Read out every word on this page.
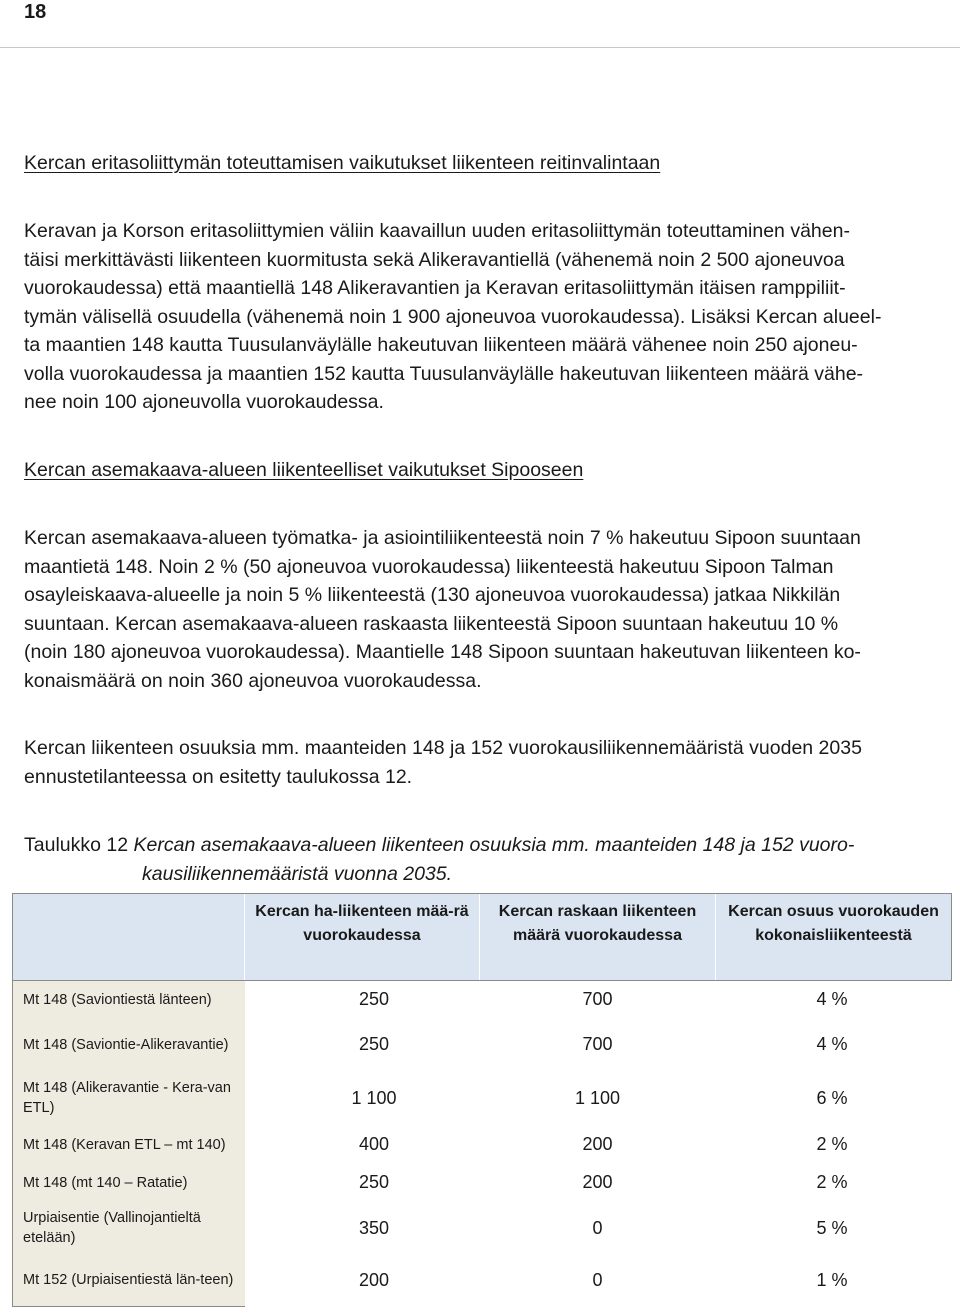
18
Kercan eritasoliittymän toteuttamisen vaikutukset liikenteen reitinvalintaan
Keravan ja Korson eritasoliittymien väliin kaavaillun uuden eritasoliittymän toteuttaminen vähen-
täisi merkittävästi liikenteen kuormitusta sekä Alikeravantiellä (vähenemä noin 2 500 ajoneuvoa
vuorokaudessa) että maantiellä 148 Alikeravantien ja Keravan eritasoliittymän itäisen ramppiliit-
tymän välisellä osuudella (vähenemä noin 1 900 ajoneuvoa vuorokaudessa). Lisäksi Kercan alueel-
ta maantien 148 kautta Tuusulanväylälle hakeutuvan liikenteen määrä vähenee noin 250 ajoneu-
volla vuorokaudessa ja maantien 152 kautta Tuusulanväylälle hakeutuvan liikenteen määrä vähe-
nee noin 100 ajoneuvolla vuorokaudessa.
Kercan asemakaava-alueen liikenteelliset vaikutukset Sipooseen
Kercan asemakaava-alueen työmatka- ja asiointiliikenteestä noin 7 % hakeutuu Sipoon suuntaan
maantietä 148. Noin 2 % (50 ajoneuvoa vuorokaudessa) liikenteestä hakeutuu Sipoon Talman
osayleiskaava-alueelle ja noin 5 % liikenteestä (130 ajoneuvoa vuorokaudessa) jatkaa Nikkilän
suuntaan. Kercan asemakaava-alueen raskaasta liikenteestä Sipoon suuntaan hakeutuu 10 %
(noin 180 ajoneuvoa vuorokaudessa). Maantielle 148 Sipoon suuntaan hakeutuvan liikenteen ko-
konaismäärä on noin 360 ajoneuvoa vuorokaudessa.
Kercan liikenteen osuuksia mm. maanteiden 148 ja 152 vuorokausiliikennemääristä vuoden 2035
ennustetilanteessa on esitetty taulukossa 12.
Taulukko 12 Kercan asemakaava-alueen liikenteen osuuksia mm. maanteiden 148 ja 152 vuoro-
kausiliikennemääristä vuonna 2035.
	Kercan ha-liikenteen mää-rä vuorokaudessa	Kercan raskaan liikenteen määrä vuorokaudessa	Kercan osuus vuorokauden kokonaisliikenteestä
Mt 148 (Saviontiestä länteen)	250	700	4 %
Mt 148 (Saviontie-Alikeravantie)	250	700	4 %
Mt 148 (Alikeravantie - Kera-van ETL)	1 100	1 100	6 %
Mt 148 (Keravan ETL – mt 140)	400	200	2 %
Mt 148 (mt 140 – Ratatie)	250	200	2 %
Urpiaisentie (Vallinojantieltä etelään)	350	0	5 %
Mt 152 (Urpiaisentiestä län-teen)	200	0	1 %
